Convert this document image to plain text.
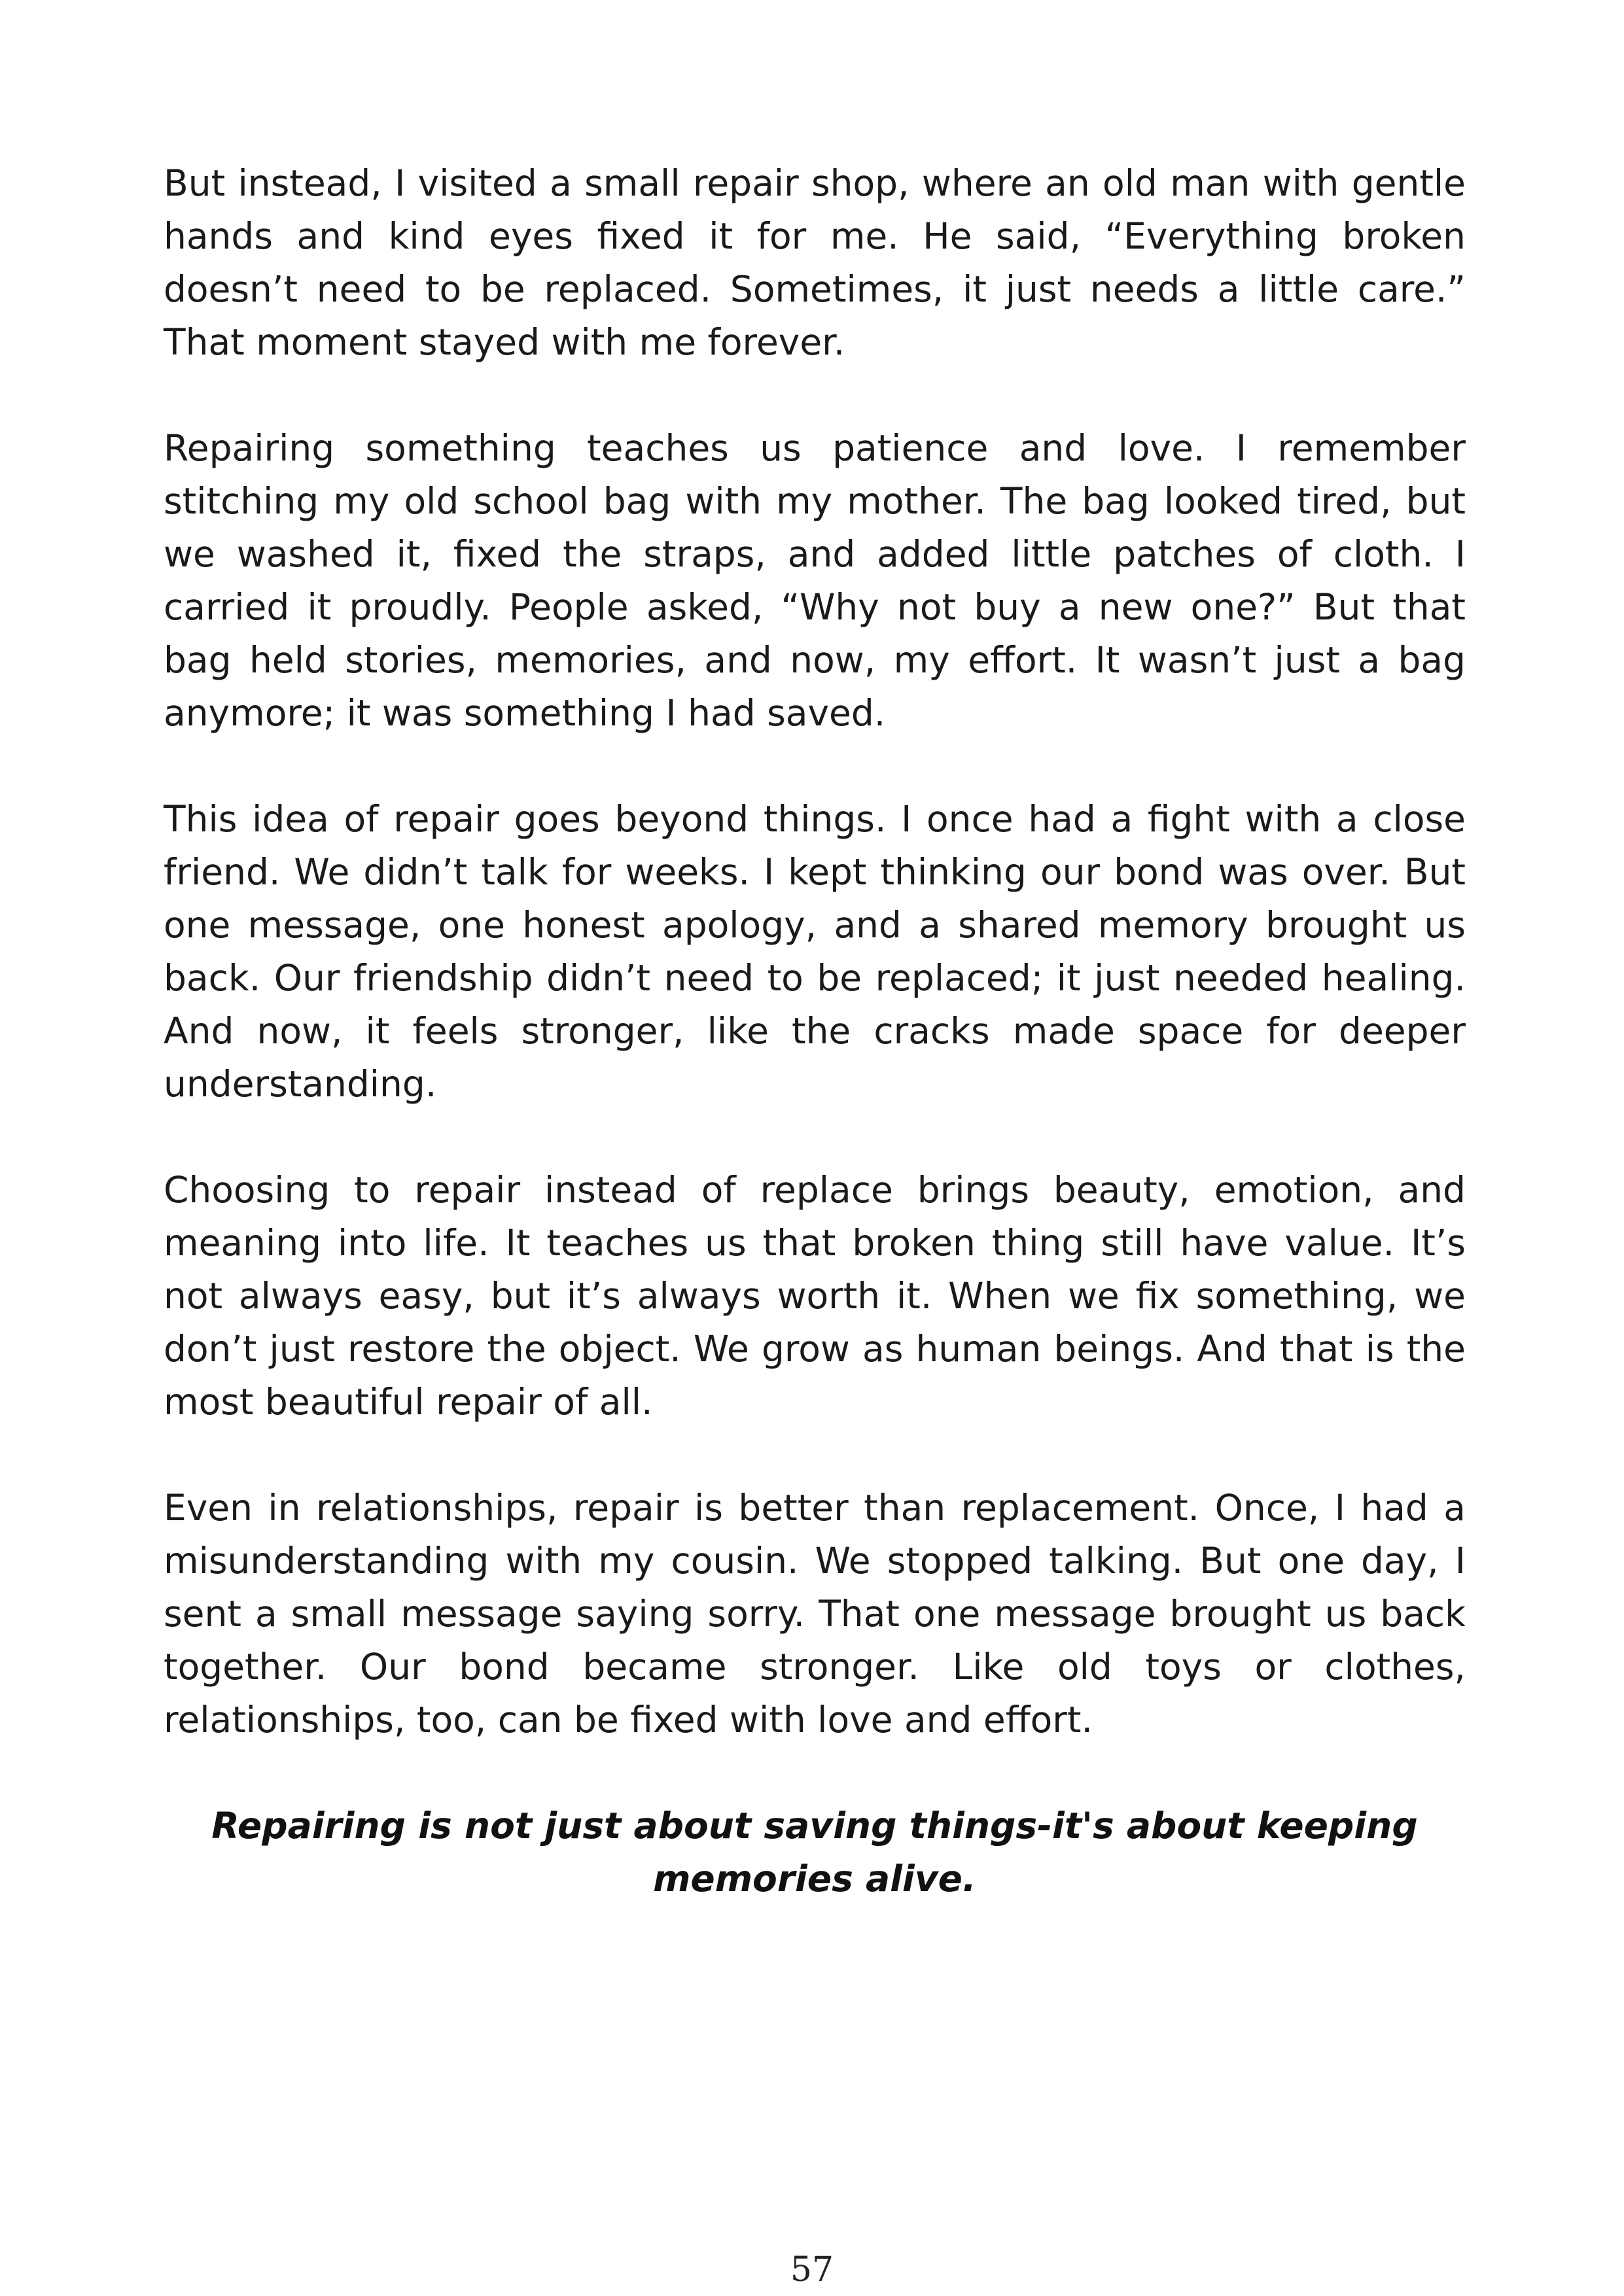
But instead, I visited a small repair shop, where an old man with gentle hands and kind eyes fixed it for me. He said, “Everything broken doesn’t need to be replaced. Sometimes, it just needs a little care.” That moment stayed with me forever.

Repairing something teaches us patience and love. I remember stitching my old school bag with my mother. The bag looked tired, but we washed it, fixed the straps, and added little patches of cloth. I carried it proudly. People asked, “Why not buy a new one?” But that bag held stories, memories, and now, my effort. It wasn’t just a bag anymore; it was something I had saved.

This idea of repair goes beyond things. I once had a fight with a close friend. We didn’t talk for weeks. I kept thinking our bond was over. But one message, one honest apology, and a shared memory brought us back. Our friendship didn’t need to be replaced; it just needed healing. And now, it feels stronger, like the cracks made space for deeper understanding.

Choosing to repair instead of replace brings beauty, emotion, and meaning into life. It teaches us that broken thing still have value. It’s not always easy, but it’s always worth it. When we fix something, we don’t just restore the object. We grow as human beings. And that is the most beautiful repair of all.

Even in relationships, repair is better than replacement. Once, I had a misunderstanding with my cousin. We stopped talking. But one day, I sent a small message saying sorry. That one message brought us back together. Our bond became stronger. Like old toys or clothes, relationships, too, can be fixed with love and effort.

Repairing is not just about saving things-it's about keeping memories alive.

57
